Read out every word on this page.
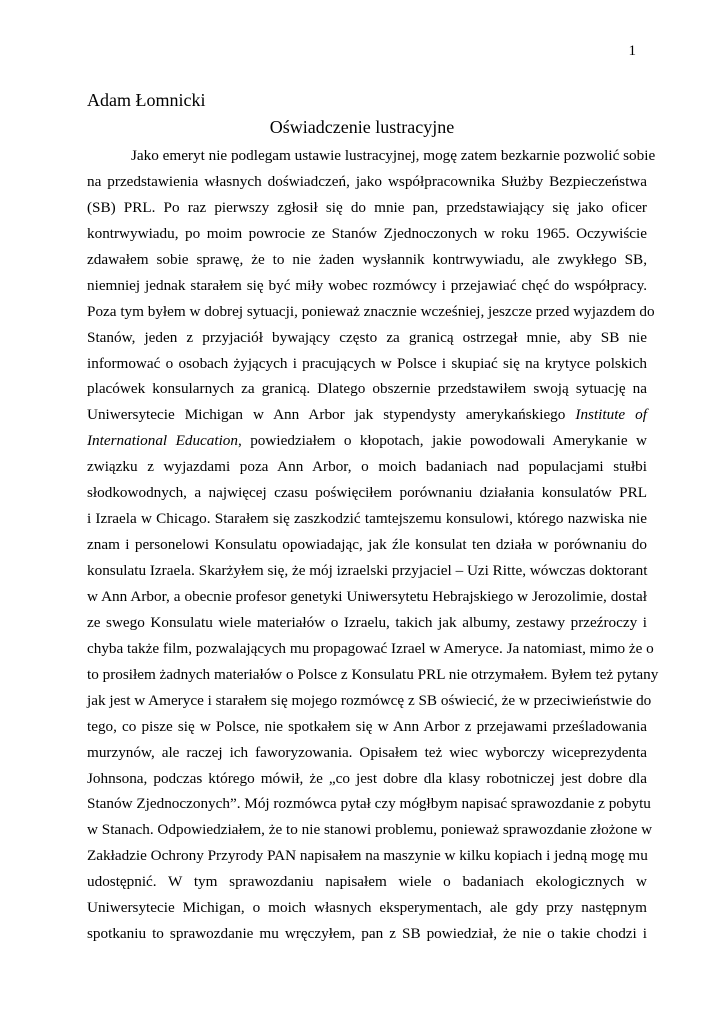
1
Adam Łomnicki
Oświadczenie lustracyjne
Jako emeryt nie podlegam ustawie lustracyjnej, mogę zatem bezkarnie pozwolić sobie
na przedstawienia własnych doświadczeń, jako współpracownika Służby Bezpieczeństwa
(SB) PRL. Po raz pierwszy zgłosił się do mnie pan, przedstawiający się jako oficer
kontrwywiadu, po moim powrocie ze Stanów Zjednoczonych w roku 1965. Oczywiście
zdawałem sobie sprawę, że to nie żaden wysłannik kontrwywiadu, ale zwykłego SB,
niemniej jednak starałem się być miły wobec rozmówcy i przejawiać chęć do współpracy.
Poza tym byłem w dobrej sytuacji, ponieważ znacznie wcześniej, jeszcze przed wyjazdem do
Stanów, jeden z przyjaciół bywający często za granicą ostrzegał mnie, aby SB nie
informować o osobach żyjących i pracujących w Polsce i skupiać się na krytyce polskich
placówek konsularnych za granicą. Dlatego obszernie przedstawiłem swoją sytuację na
Uniwersytecie Michigan w Ann Arbor jak stypendysty amerykańskiego Institute of
International Education, powiedziałem o kłopotach, jakie powodowali Amerykanie w
związku z wyjazdami poza Ann Arbor, o moich badaniach nad populacjami stułbi
słodkowodnych, a najwięcej czasu poświęciłem porównaniu działania konsulatów PRL
i Izraela w Chicago. Starałem się zaszkodzić tamtejszemu konsulowi, którego nazwiska nie
znam i personelowi Konsulatu opowiadając, jak źle konsulat ten działa w porównaniu do
konsulatu Izraela. Skarżyłem się, że mój izraelski przyjaciel – Uzi Ritte, wówczas doktorant
w Ann Arbor, a obecnie profesor genetyki Uniwersytetu Hebrajskiego w Jerozolimie, dostał
ze swego Konsulatu wiele materiałów o Izraelu, takich jak albumy, zestawy przeźroczy i
chyba także film, pozwalających mu propagować Izrael w Ameryce. Ja natomiast, mimo że o
to prosiłem żadnych materiałów o Polsce z Konsulatu PRL nie otrzymałem. Byłem też pytany
jak jest w Ameryce i starałem się mojego rozmówcę z SB oświecić, że w przeciwieństwie do
tego, co pisze się w Polsce, nie spotkałem się w Ann Arbor z przejawami prześladowania
murzynów, ale raczej ich faworyzowania. Opisałem też wiec wyborczy wiceprezydenta
Johnsona, podczas którego mówił, że „co jest dobre dla klasy robotniczej jest dobre dla
Stanów Zjednoczonych”. Mój rozmówca pytał czy mógłbym napisać sprawozdanie z pobytu
w Stanach. Odpowiedziałem, że to nie stanowi problemu, ponieważ sprawozdanie złożone w
Zakładzie Ochrony Przyrody PAN napisałem na maszynie w kilku kopiach i jedną mogę mu
udostępnić. W tym sprawozdaniu napisałem wiele o badaniach ekologicznych w
Uniwersytecie Michigan, o moich własnych eksperymentach, ale gdy przy następnym
spotkaniu to sprawozdanie mu wręczyłem, pan z SB powiedział, że nie o takie chodzi i
